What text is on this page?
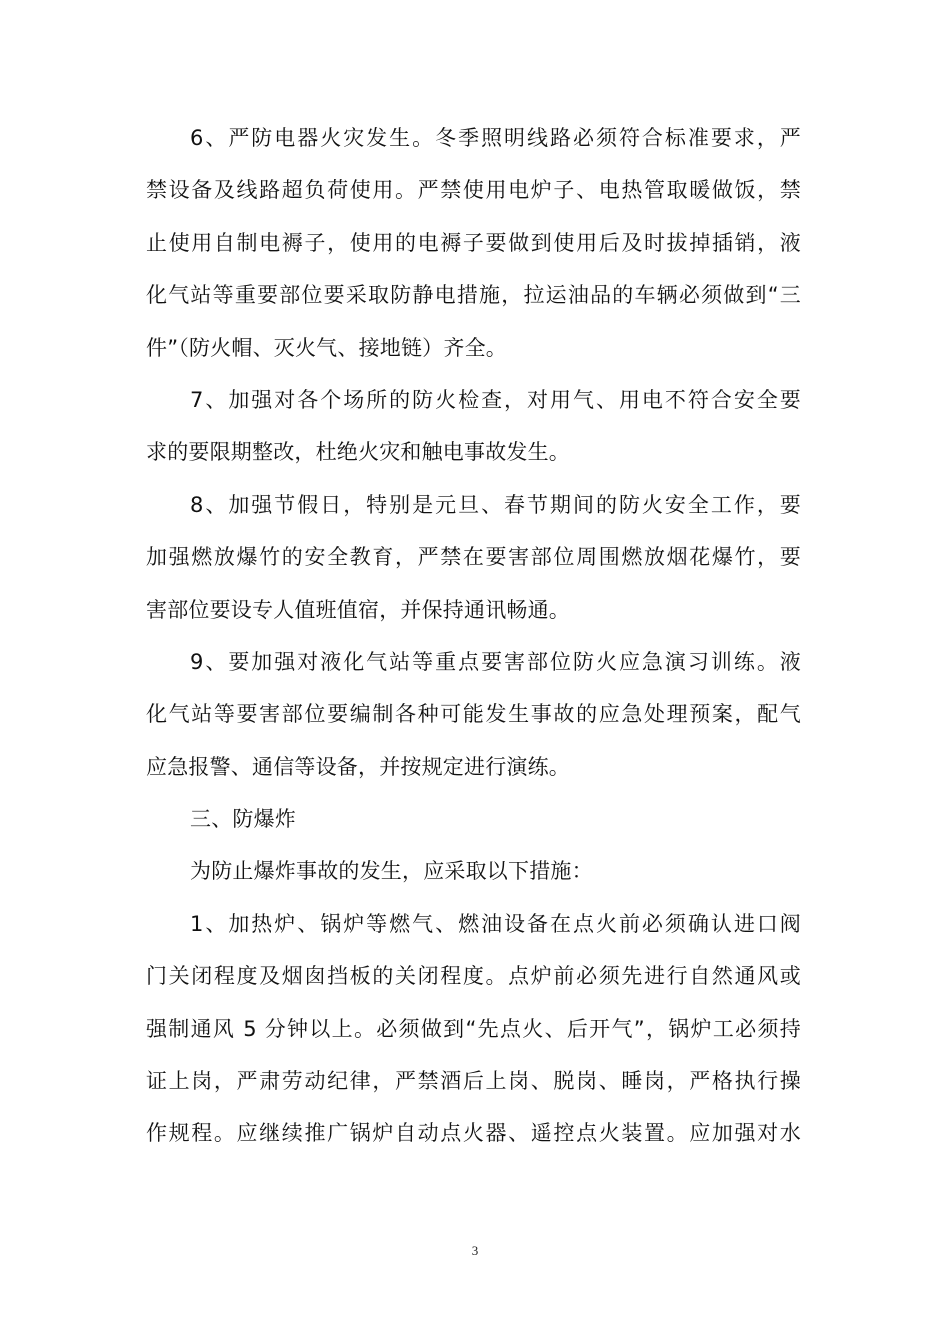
6、严防电器火灾发生。冬季照明线路必须符合标准要求，严
禁设备及线路超负荷使用。严禁使用电炉子、电热管取暖做饭，禁
止使用自制电褥子，使用的电褥子要做到使用后及时拔掉插销，液
化气站等重要部位要采取防静电措施，拉运油品的车辆必须做到“三
件”（防火帽、灭火气、接地链）齐全。
7、加强对各个场所的防火检查，对用气、用电不符合安全要
求的要限期整改，杜绝火灾和触电事故发生。
8、加强节假日，特别是元旦、春节期间的防火安全工作，要
加强燃放爆竹的安全教育，严禁在要害部位周围燃放烟花爆竹，要
害部位要设专人值班值宿，并保持通讯畅通。
9、要加强对液化气站等重点要害部位防火应急演习训练。液
化气站等要害部位要编制各种可能发生事故的应急处理预案，配气
应急报警、通信等设备，并按规定进行演练。
三、防爆炸
为防止爆炸事故的发生，应采取以下措施：
1、加热炉、锅炉等燃气、燃油设备在点火前必须确认进口阀
门关闭程度及烟囱挡板的关闭程度。点炉前必须先进行自然通风或
强制通风 5 分钟以上。必须做到“先点火、后开气”，锅炉工必须持
证上岗，严肃劳动纪律，严禁酒后上岗、脱岗、睡岗，严格执行操
作规程。应继续推广锅炉自动点火器、遥控点火装置。应加强对水
3
